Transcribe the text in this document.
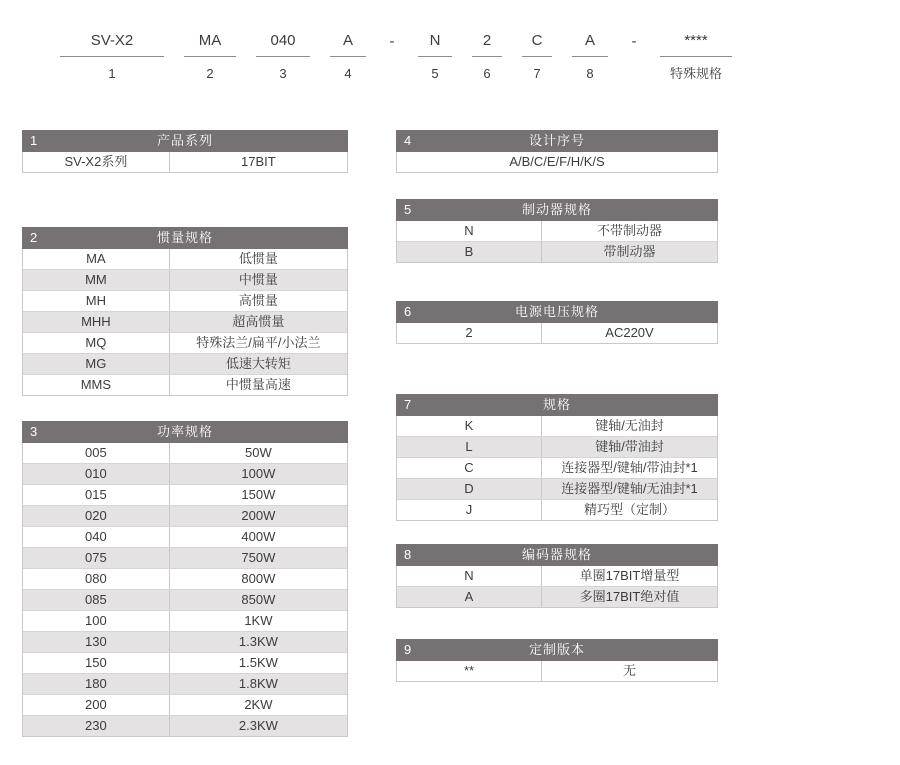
SV-X2
1
MA
2
040
3
A
4
-	N
5
2
6
C
7
A
8
-	****
特殊规格
1	产品系列
SV-X2系列	17BIT
2	惯量规格
MA	低惯量
MM	中惯量
MH	高惯量
MHH	超高惯量
MQ	特殊法兰/扁平/小法兰
MG	低速大转矩
MMS	中惯量高速
3	功率规格
005	50W
010	100W
015	150W
020	200W
040	400W
075	750W
080	800W
085	850W
100	1KW
130	1.3KW
150	1.5KW
180	1.8KW
200	2KW
230	2.3KW
4	设计序号
A/B/C/E/F/H/K/S
5	制动器规格
N	不带制动器
B	带制动器
6	电源电压规格
2	AC220V
7	规格
K	键轴/无油封
L	键轴/带油封
C	连接器型/键轴/带油封*1
D	连接器型/键轴/无油封*1
J	精巧型（定制）
8	编码器规格
N	单圈17BIT增量型
A	多圈17BIT绝对值
9	定制版本
**	无
